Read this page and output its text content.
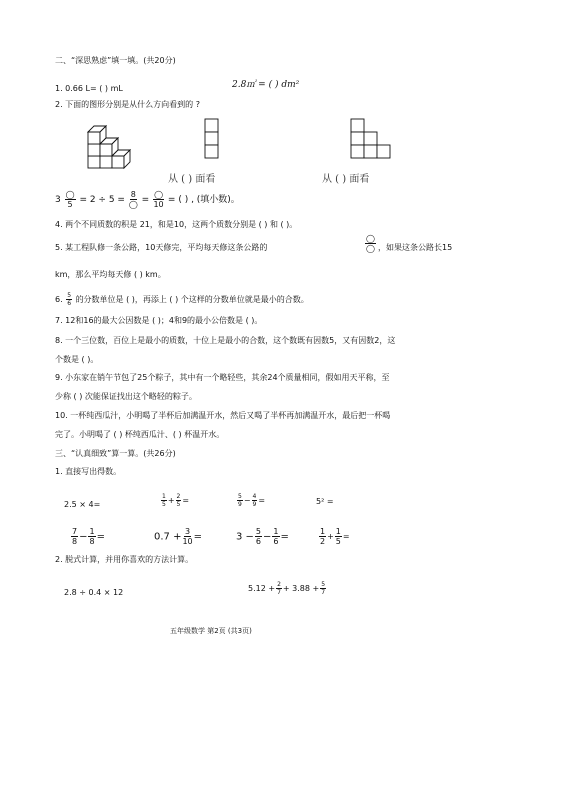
二、“深思熟虑”填一填。(共20分)
1. 0.66 L= ( ) mL	2.8㎡ = ( ) dm²
2. 下面的图形分别是从什么方向看到的 ?
从 ( ) 面看	从 ( ) 面看
$3 \frac{◯}{5} = 2 \div 5 = \frac{8}{◯} = \frac{◯}{10}$ = ( ) , (填小数)。
4. 两个不同质数的积是 21，和是10，这两个质数分别是 ( ) 和 ( )。
5. 某工程队修一条公路，10天修完，平均每天修这条公路的	$\frac{◯}{◯}$ ，如果这条公路长15
km，那么平均每天修 ( ) km。
6. $\frac{5}{6}$ 的分数单位是 ( )，再添上 ( ) 个这样的分数单位就是最小的合数。
7. 12和16的最大公因数是 ( )；4和9的最小公倍数是 ( )。
8. 一个三位数，百位上是最小的质数，十位上是最小的合数，这个数既有因数5，又有因数2，这
个数是 ( )。
9. 小东家在销午节包了25个粽子，其中有一个略轻些，其余24个质量相同，假如用天平称，至
少称 ( ) 次能保证找出这个略轻的粽子。
10. 一杯纯西瓜汁，小明喝了半杯后加满温开水，然后又喝了半杯再加满温开水，最后把一杯喝
完了。小明喝了 ( ) 杯纯西瓜汁、( ) 杯温开水。
三、“认真细致”算一算。(共26分)
1. 直接写出得数。
2.5 × 4=	$\frac{1}{5} + \frac{2}{5}$ =	$\frac{5}{9} - \frac{4}{9}$ =	5² =
$\frac{7}{8} - \frac{1}{8}$ =	$0.7 + \frac{3}{10}$ =	$3 - \frac{5}{6} - \frac{1}{6}$ =	$\frac{1}{2} + \frac{1}{5}$ =
2. 脱式计算，并用你喜欢的方法计算。
2.8 ÷ 0.4 × 12	$5.12 + \frac{2}{7} + 3.88 + \frac{5}{7}$
五年级数学 第2页 (共3页)
